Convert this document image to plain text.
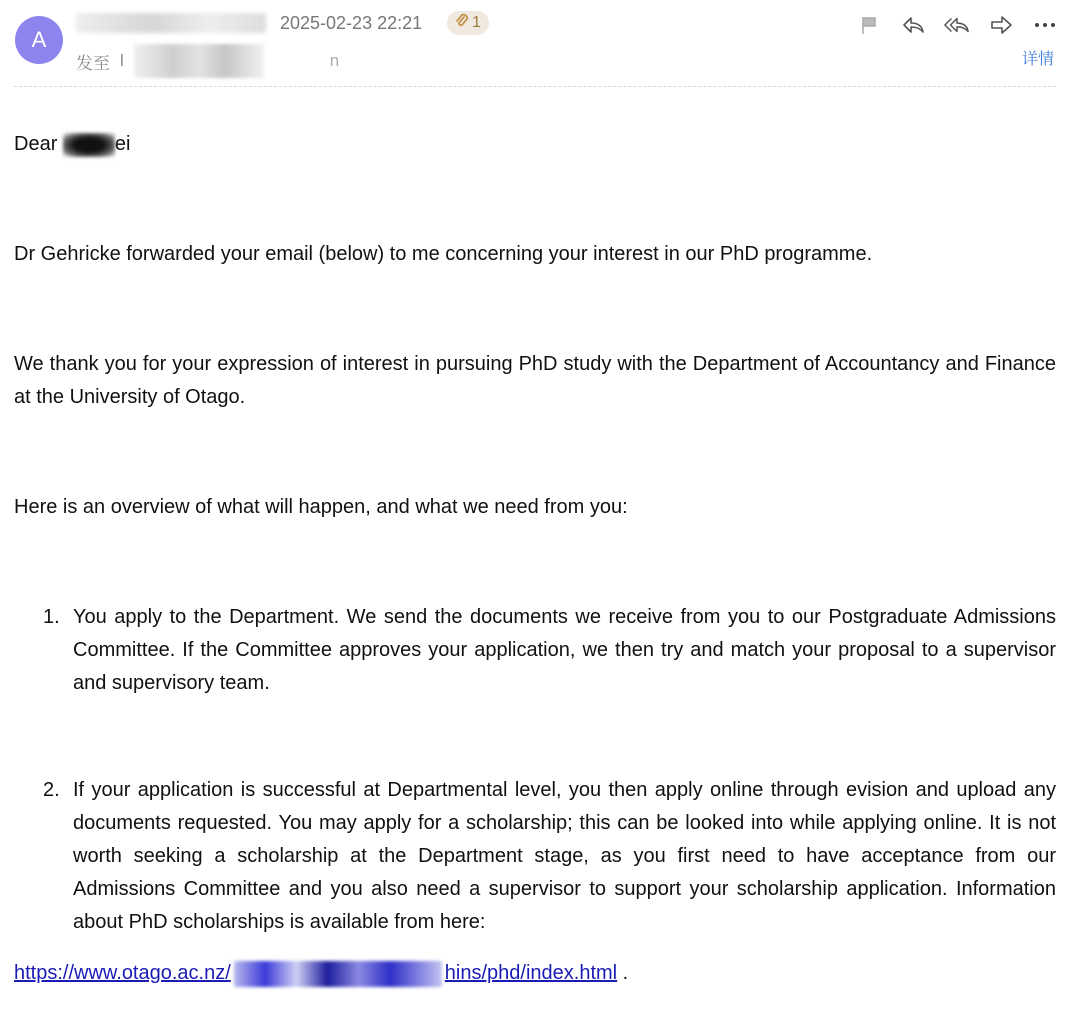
A
2025-02-23 22:21	1
发至 l	n	详情

Dear	ei

Dr Gehricke forwarded your email (below) to me concerning your interest in our PhD programme.

We thank you for your expression of interest in pursuing PhD study with the Department of Accountancy and Finance at the University of Otago.

Here is an overview of what will happen, and what we need from you:

1. You apply to the Department. We send the documents we receive from you to our Postgraduate Admissions Committee. If the Committee approves your application, we then try and match your proposal to a supervisor and supervisory team.
2. If your application is successful at Departmental level, you then apply online through evision and upload any documents requested. You may apply for a scholarship; this can be looked into while applying online. It is not worth seeking a scholarship at the Department stage, as you first need to have acceptance from our Admissions Committee and you also need a supervisor to support your scholarship application. Information about PhD scholarships is available from here:

https://www.otago.ac.nz/	hins/phd/index.html .
